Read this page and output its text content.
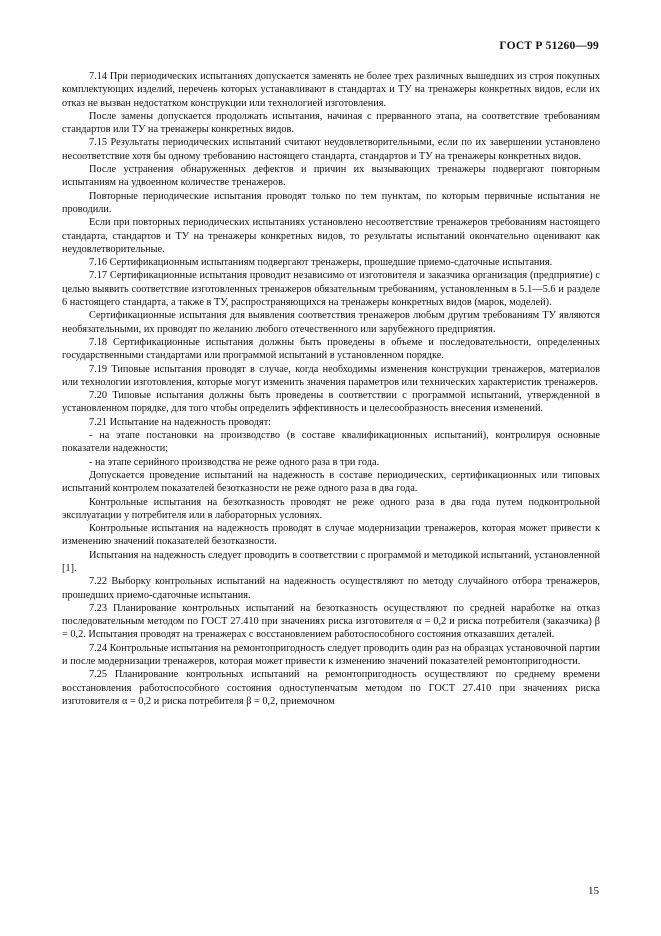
ГОСТ Р 51260—99

7.14 При периодических испытаниях допускается заменять не более трех различных вышедших из строя покупных комплектующих изделий, перечень которых устанавливают в стандартах и ТУ на тренажеры конкретных видов, если их отказ не вызван недостатком конструкции или технологией изготовления.

После замены допускается продолжать испытания, начиная с прерванного этапа, на соответствие требованиям стандартов или ТУ на тренажеры конкретных видов.

7.15 Результаты периодических испытаний считают неудовлетворительными, если по их завершении установлено несоответствие хотя бы одному требованию настоящего стандарта, стандартов и ТУ на тренажеры конкретных видов.

После устранения обнаруженных дефектов и причин их вызывающих тренажеры подвергают повторным испытаниям на удвоенном количестве тренажеров.

Повторные периодические испытания проводят только по тем пунктам, по которым первичные испытания не проводили.

Если при повторных периодических испытаниях установлено несоответствие тренажеров требованиям настоящего стандарта, стандартов и ТУ на тренажеры конкретных видов, то результаты испытаний окончательно оценивают как неудовлетворительные.

7.16 Сертификационным испытаниям подвергают тренажеры, прошедшие приемо-сдаточные испытания.

7.17 Сертификационные испытания проводит независимо от изготовителя и заказчика организация (предприятие) с целью выявить соответствие изготовленных тренажеров обязательным требованиям, установленным в 5.1—5.6 и разделе 6 настоящего стандарта, а также в ТУ, распространяющихся на тренажеры конкретных видов (марок, моделей).

Сертификационные испытания для выявления соответствия тренажеров любым другим требованиям ТУ являются необязательными, их проводят по желанию любого отечественного или зарубежного предприятия.

7.18 Сертификационные испытания должны быть проведены в объеме и последовательности, определенных государственными стандартами или программой испытаний в установленном порядке.

7.19 Типовые испытания проводят в случае, когда необходимы изменения конструкции тренажеров, материалов или технологии изготовления, которые могут изменить значения параметров или технических характеристик тренажеров.

7.20 Типовые испытания должны быть проведены в соответствии с программой испытаний, утвержденной в установленном порядке, для того чтобы определить эффективность и целесообразность внесения изменений.

7.21 Испытание на надежность проводят:

- на этапе постановки на производство (в составе квалификационных испытаний), контролируя основные показатели надежности;

- на этапе серийного производства не реже одного раза в три года.

Допускается проведение испытаний на надежность в составе периодических, сертификационных или типовых испытаний контролем показателей безотказности не реже одного раза в два года.

Контрольные испытания на безотказность проводят не реже одного раза в два года путем подконтрольной эксплуатации у потребителя или в лабораторных условиях.

Контрольные испытания на надежность проводят в случае модернизации тренажеров, которая может привести к изменению значений показателей безотказности.

Испытания на надежность следует проводить в соответствии с программой и методикой испытаний, установленной [1].

7.22 Выборку контрольных испытаний на надежность осуществляют по методу случайного отбора тренажеров, прошедших приемо-сдаточные испытания.

7.23 Планирование контрольных испытаний на безотказность осуществляют по средней наработке на отказ последовательным методом по ГОСТ 27.410 при значениях риска изготовителя α = 0,2 и риска потребителя (заказчика) β = 0,2. Испытания проводят на тренажерах с восстановлением работоспособного состояния отказавших деталей.

7.24 Контрольные испытания на ремонтопригодность следует проводить один раз на образцах установочной партии и после модернизации тренажеров, которая может привести к изменению значений показателей ремонтопригодности.

7.25 Планирование контрольных испытаний на ремонтопригодность осуществляют по среднему времени восстановления работоспособного состояния одноступенчатым методом по ГОСТ 27.410 при значениях риска изготовителя α = 0,2 и риска потребителя β = 0,2, приемочном

15
